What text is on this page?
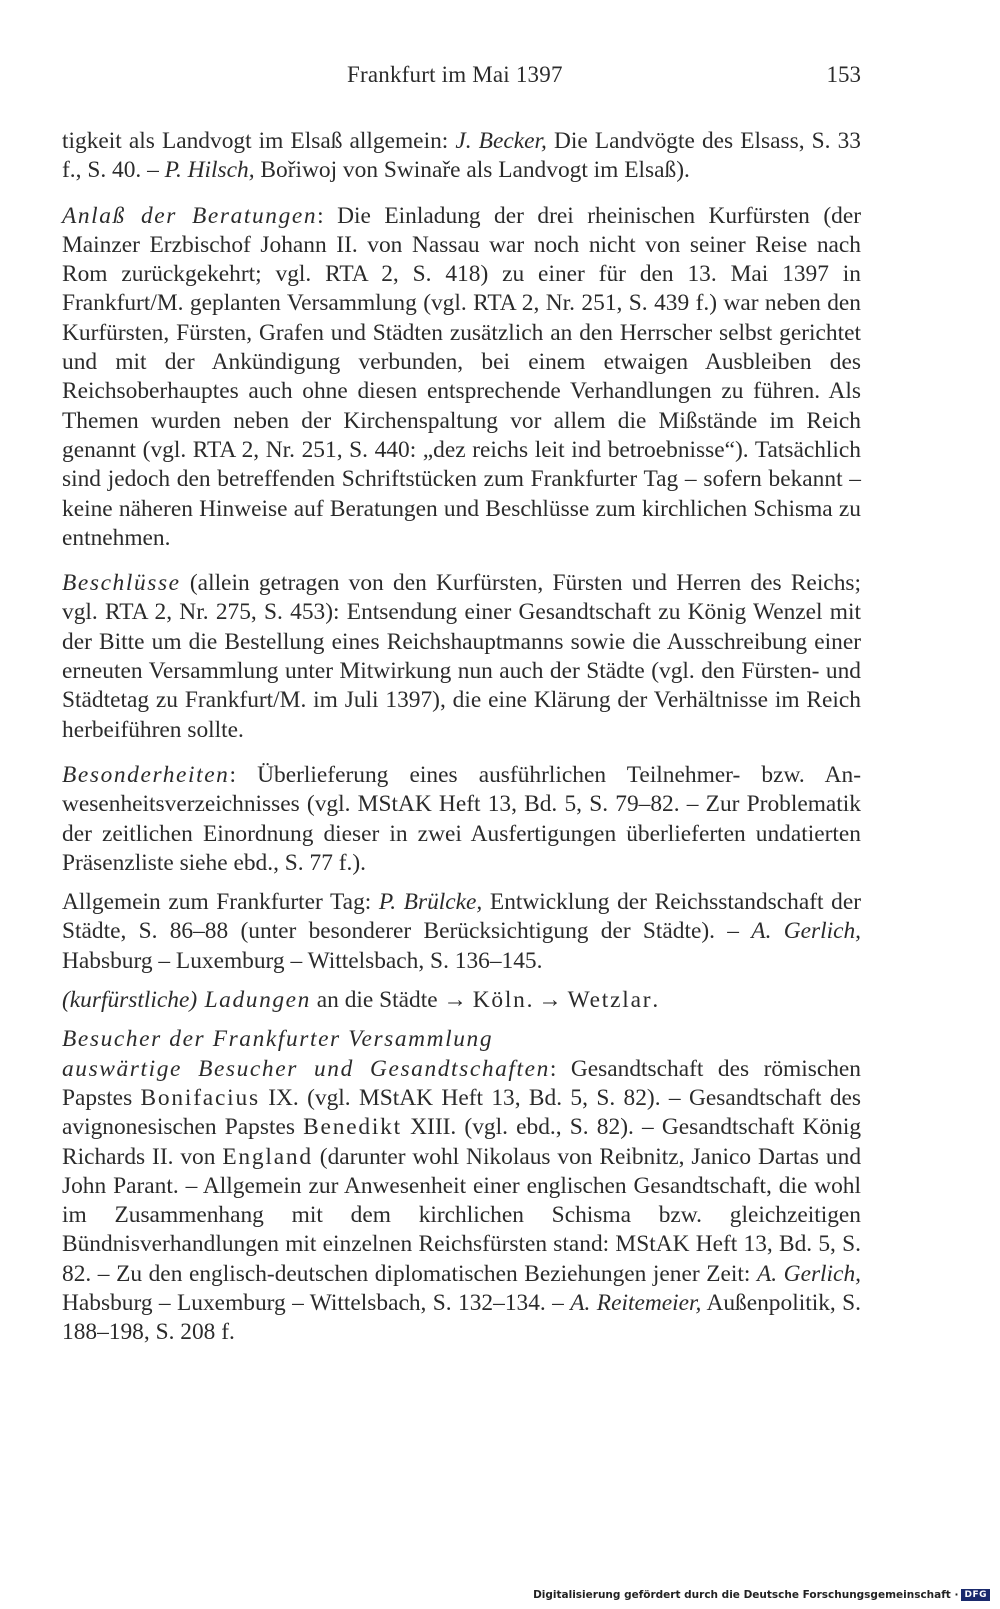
Frankfurt im Mai 1397	153

tigkeit als Landvogt im Elsaß allgemein: J. Becker, Die Landvögte des Elsass, S. 33 f., S. 40. – P. Hilsch, Bořiwoj von Swinaře als Landvogt im Elsaß).

Anlaß der Beratungen: Die Einladung der drei rheinischen Kurfürsten (der Mainzer Erzbischof Johann II. von Nassau war noch nicht von seiner Reise nach Rom zurückgekehrt; vgl. RTA 2, S. 418) zu einer für den 13. Mai 1397 in Frankfurt/M. geplanten Versammlung (vgl. RTA 2, Nr. 251, S. 439 f.) war neben den Kurfürsten, Fürsten, Grafen und Städten zusätzlich an den Herrscher selbst gerichtet und mit der Ankündigung verbunden, bei einem etwaigen Ausbleiben des Reichsoberhauptes auch ohne diesen entsprechende Verhandlungen zu führen. Als Themen wurden neben der Kirchenspaltung vor allem die Mißstände im Reich genannt (vgl. RTA 2, Nr. 251, S. 440: „dez reichs leit ind betroebnisse“). Tatsächlich sind jedoch den betreffenden Schriftstücken zum Frankfurter Tag – sofern bekannt – keine näheren Hinweise auf Beratungen und Beschlüsse zum kirchlichen Schisma zu entnehmen.

Beschlüsse (allein getragen von den Kurfürsten, Fürsten und Herren des Reichs; vgl. RTA 2, Nr. 275, S. 453): Entsendung einer Gesandtschaft zu König Wenzel mit der Bitte um die Bestellung eines Reichshauptmanns sowie die Ausschreibung einer erneuten Versammlung unter Mitwirkung nun auch der Städte (vgl. den Fürsten- und Städtetag zu Frankfurt/M. im Juli 1397), die eine Klärung der Verhältnisse im Reich herbeiführen sollte.

Besonderheiten: Überlieferung eines ausführlichen Teilnehmer- bzw. Anwesenheitsverzeichnisses (vgl. MStAK Heft 13, Bd. 5, S. 79–82. – Zur Problematik der zeitlichen Einordnung dieser in zwei Ausfertigungen überlieferten undatierten Präsenzliste siehe ebd., S. 77 f.).

Allgemein zum Frankfurter Tag: P. Brülcke, Entwicklung der Reichsstandschaft der Städte, S. 86–88 (unter besonderer Berücksichtigung der Städte). – A. Gerlich, Habsburg – Luxemburg – Wittelsbach, S. 136–145.

(kurfürstliche) Ladungen an die Städte → Köln. → Wetzlar.

Besucher der Frankfurter Versammlung

auswärtige Besucher und Gesandtschaften: Gesandtschaft des römischen Papstes Bonifacius IX. (vgl. MStAK Heft 13, Bd. 5, S. 82). – Gesandtschaft des avignonesischen Papstes Benedikt XIII. (vgl. ebd., S. 82). – Gesandtschaft König Richards II. von England (darunter wohl Nikolaus von Reibnitz, Janico Dartas und John Parant. – Allgemein zur Anwesenheit einer englischen Gesandtschaft, die wohl im Zusammenhang mit dem kirchlichen Schisma bzw. gleichzeitigen Bündnisverhandlungen mit einzelnen Reichsfürsten stand: MStAK Heft 13, Bd. 5, S. 82. – Zu den englisch-deutschen diplomatischen Beziehungen jener Zeit: A. Gerlich, Habsburg – Luxemburg – Wittelsbach, S. 132–134. – A. Reitemeier, Außenpolitik, S. 188–198, S. 208 f.

Digitalisierung gefördert durch die Deutsche Forschungsgemeinschaft · DFG
